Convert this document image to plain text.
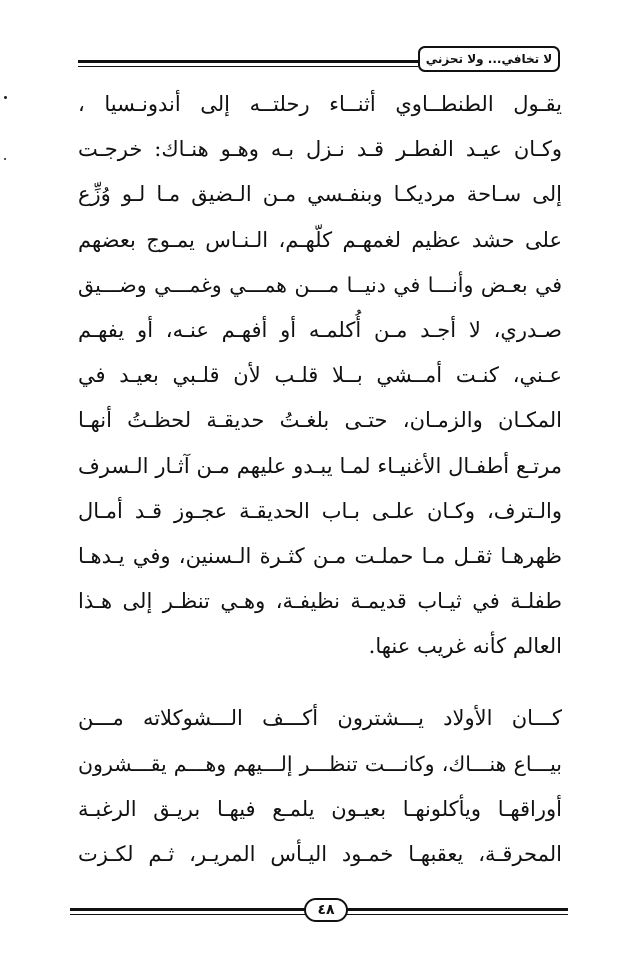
لا تخافي... ولا تحزني
يقـول الطنطــاوي أثنــاء رحلتــه إلى أندونـسيا ،
وكـان عيـد الفطـر قـد نـزل بـه وهـو هنـاك: خرجـت
إلى سـاحة مرديكـا وبنفـسي مـن الـضيق مـا لـو وُزِّع
على حشد عظيم لغمهـم كلّهـم، الـنـاس يمـوج بعضهم
في بعـض وأنـــا في دنيــا مـــن همـــي وغمـــي وضـــيق
صـدري، لا أجـد مـن أُكلمـه أو أفهـم عنـه، أو يفهـم
عـني، كنـت أمــشي بــلا قلـب لأن قلـبي بعيـد في
المكـان والزمـان، حتـى بلغـتُ حديقـة لحظـتُ أنهـا
مرتـع أطفـال الأغنيـاء لمـا يبـدو عليهم مـن آثـار الـسرف
والـترف، وكـان علـى بـاب الحديقـة عجـوز قـد أمـال
ظهرهـا ثقـل مـا حملـت مـن كثـرة الـسنين، وفي يـدهـا
طفلـة في ثيـاب قديمـة نظيفـة، وهـي تنظـر إلى هـذا
العالم كأنه غريب عنها.
كـــان الأولاد يـــشترون أكـــف الـــشوكلاته مـــن
بيـــاع هنـــاك، وكانـــت تنظـــر إلـــيهم وهـــم يقـــشرون
أوراقهـا ويأكلونهـا بعيـون يلمـع فيهـا بريـق الرغبـة
المحرقـة، يعقبهـا خمـود اليـأس المريـر، ثـم لكـزت
٤٨
